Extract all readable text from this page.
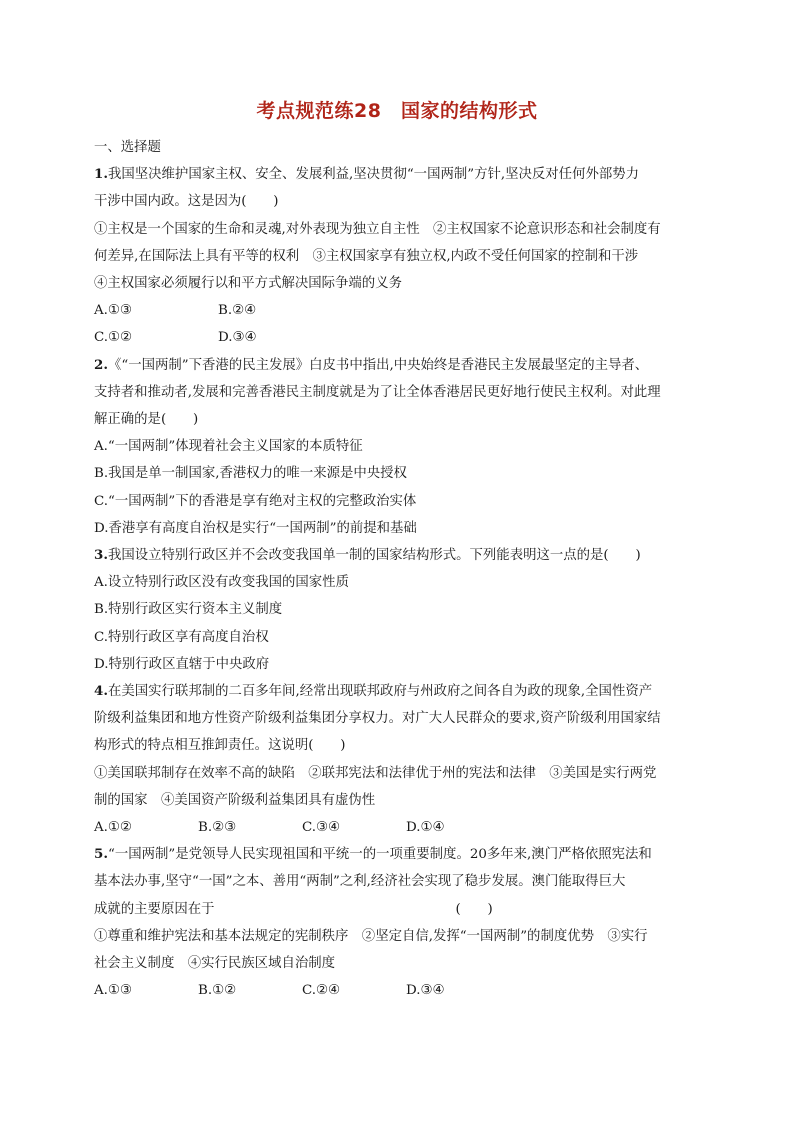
考点规范练28　国家的结构形式
一、选择题
1.我国坚决维护国家主权、安全、发展利益,坚决贯彻“一国两制”方针,坚决反对任何外部势力
干涉中国内政。这是因为(　　)
①主权是一个国家的生命和灵魂,对外表现为独立自主性　②主权国家不论意识形态和社会制度有
何差异,在国际法上具有平等的权利　③主权国家享有独立权,内政不受任何国家的控制和干涉
④主权国家必须履行以和平方式解决国际争端的义务
A.①③	B.②④
C.①②	D.③④
2.《“一国两制”下香港的民主发展》白皮书中指出,中央始终是香港民主发展最坚定的主导者、
支持者和推动者,发展和完善香港民主制度就是为了让全体香港居民更好地行使民主权利。对此理
解正确的是(　　)
A.“一国两制”体现着社会主义国家的本质特征
B.我国是单一制国家,香港权力的唯一来源是中央授权
C.“一国两制”下的香港是享有绝对主权的完整政治实体
D.香港享有高度自治权是实行“一国两制”的前提和基础
3.我国设立特别行政区并不会改变我国单一制的国家结构形式。下列能表明这一点的是(　　)
A.设立特别行政区没有改变我国的国家性质
B.特别行政区实行资本主义制度
C.特别行政区享有高度自治权
D.特别行政区直辖于中央政府
4.在美国实行联邦制的二百多年间,经常出现联邦政府与州政府之间各自为政的现象,全国性资产
阶级利益集团和地方性资产阶级利益集团分享权力。对广大人民群众的要求,资产阶级利用国家结
构形式的特点相互推卸责任。这说明(　　)
①美国联邦制存在效率不高的缺陷　②联邦宪法和法律优于州的宪法和法律　③美国是实行两党
制的国家　④美国资产阶级利益集团具有虚伪性
A.①②	B.②③	C.③④	D.①④
5.“一国两制”是党领导人民实现祖国和平统一的一项重要制度。20多年来,澳门严格依照宪法和
基本法办事,坚守“一国”之本、善用“两制”之利,经济社会实现了稳步发展。澳门能取得巨大
成就的主要原因在于　　　　　　　　　　　　　　　　　　(　　)
①尊重和维护宪法和基本法规定的宪制秩序　②坚定自信,发挥“一国两制”的制度优势　③实行
社会主义制度　④实行民族区域自治制度
A.①③	B.①②	C.②④	D.③④
